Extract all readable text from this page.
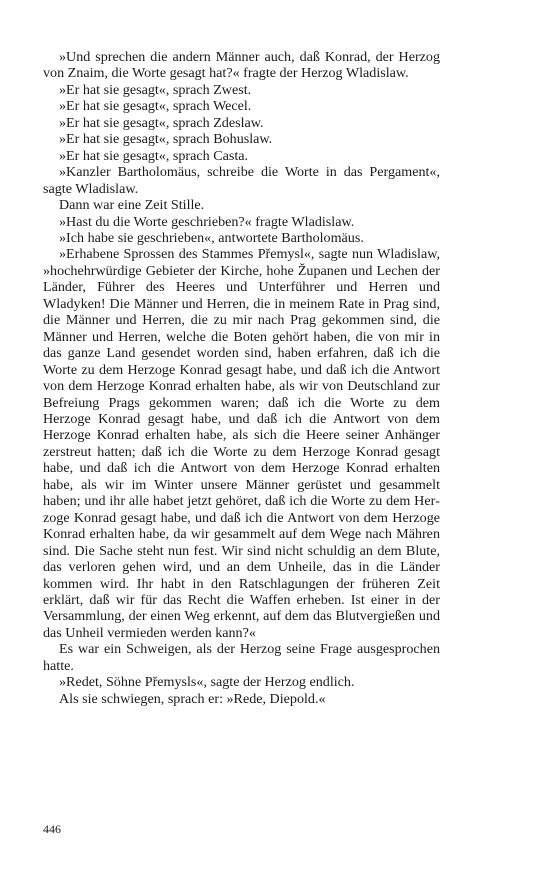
»Und sprechen die andern Männer auch, daß Konrad, der Herzog von Znaim, die Worte gesagt hat?« fragte der Herzog Wladislaw.

»Er hat sie gesagt«, sprach Zwest.

»Er hat sie gesagt«, sprach Wecel.

»Er hat sie gesagt«, sprach Zdeslaw.

»Er hat sie gesagt«, sprach Bohuslaw.

»Er hat sie gesagt«, sprach Casta.

»Kanzler Bartholomäus, schreibe die Worte in das Pergament«, sagte Wladislaw.

Dann war eine Zeit Stille.

»Hast du die Worte geschrieben?« fragte Wladislaw.

»Ich habe sie geschrieben«, antwortete Bartholomäus.

»Erhabene Sprossen des Stammes Přemysl«, sagte nun Wladislaw, »hochehrwürdige Gebieter der Kirche, hohe Županen und Lechen der Länder, Führer des Heeres und Unterführer und Herren und Wladyken! Die Männer und Herren, die in meinem Rate in Prag sind, die Männer und Herren, die zu mir nach Prag gekommen sind, die Männer und Herren, welche die Boten gehört haben, die von mir in das ganze Land gesendet worden sind, haben erfahren, daß ich die Worte zu dem Herzoge Konrad gesagt habe, und daß ich die Antwort von dem Herzoge Konrad erhalten habe, als wir von Deutschland zur Befreiung Prags gekommen waren; daß ich die Worte zu dem Herzoge Konrad gesagt habe, und daß ich die Antwort von dem Herzoge Konrad erhalten habe, als sich die Heere seiner Anhänger zerstreut hatten; daß ich die Worte zu dem Herzoge Konrad gesagt habe, und daß ich die Antwort von dem Herzoge Konrad erhalten habe, als wir im Winter unsere Männer gerüstet und gesammelt haben; und ihr alle habet jetzt gehöret, daß ich die Worte zu dem Herzoge Konrad gesagt habe, und daß ich die Antwort von dem Herzoge Konrad erhalten habe, da wir gesammelt auf dem Wege nach Mähren sind. Die Sache steht nun fest. Wir sind nicht schuldig an dem Blute, das verloren gehen wird, und an dem Unheile, das in die Länder kommen wird. Ihr habt in den Ratschlagungen der früheren Zeit erklärt, daß wir für das Recht die Waffen erheben. Ist einer in der Versammlung, der einen Weg erkennt, auf dem das Blutvergießen und das Unheil vermieden werden kann?«

Es war ein Schweigen, als der Herzog seine Frage ausgesprochen hatte.

»Redet, Söhne Přemysls«, sagte der Herzog endlich.

Als sie schwiegen, sprach er: »Rede, Diepold.«

446
